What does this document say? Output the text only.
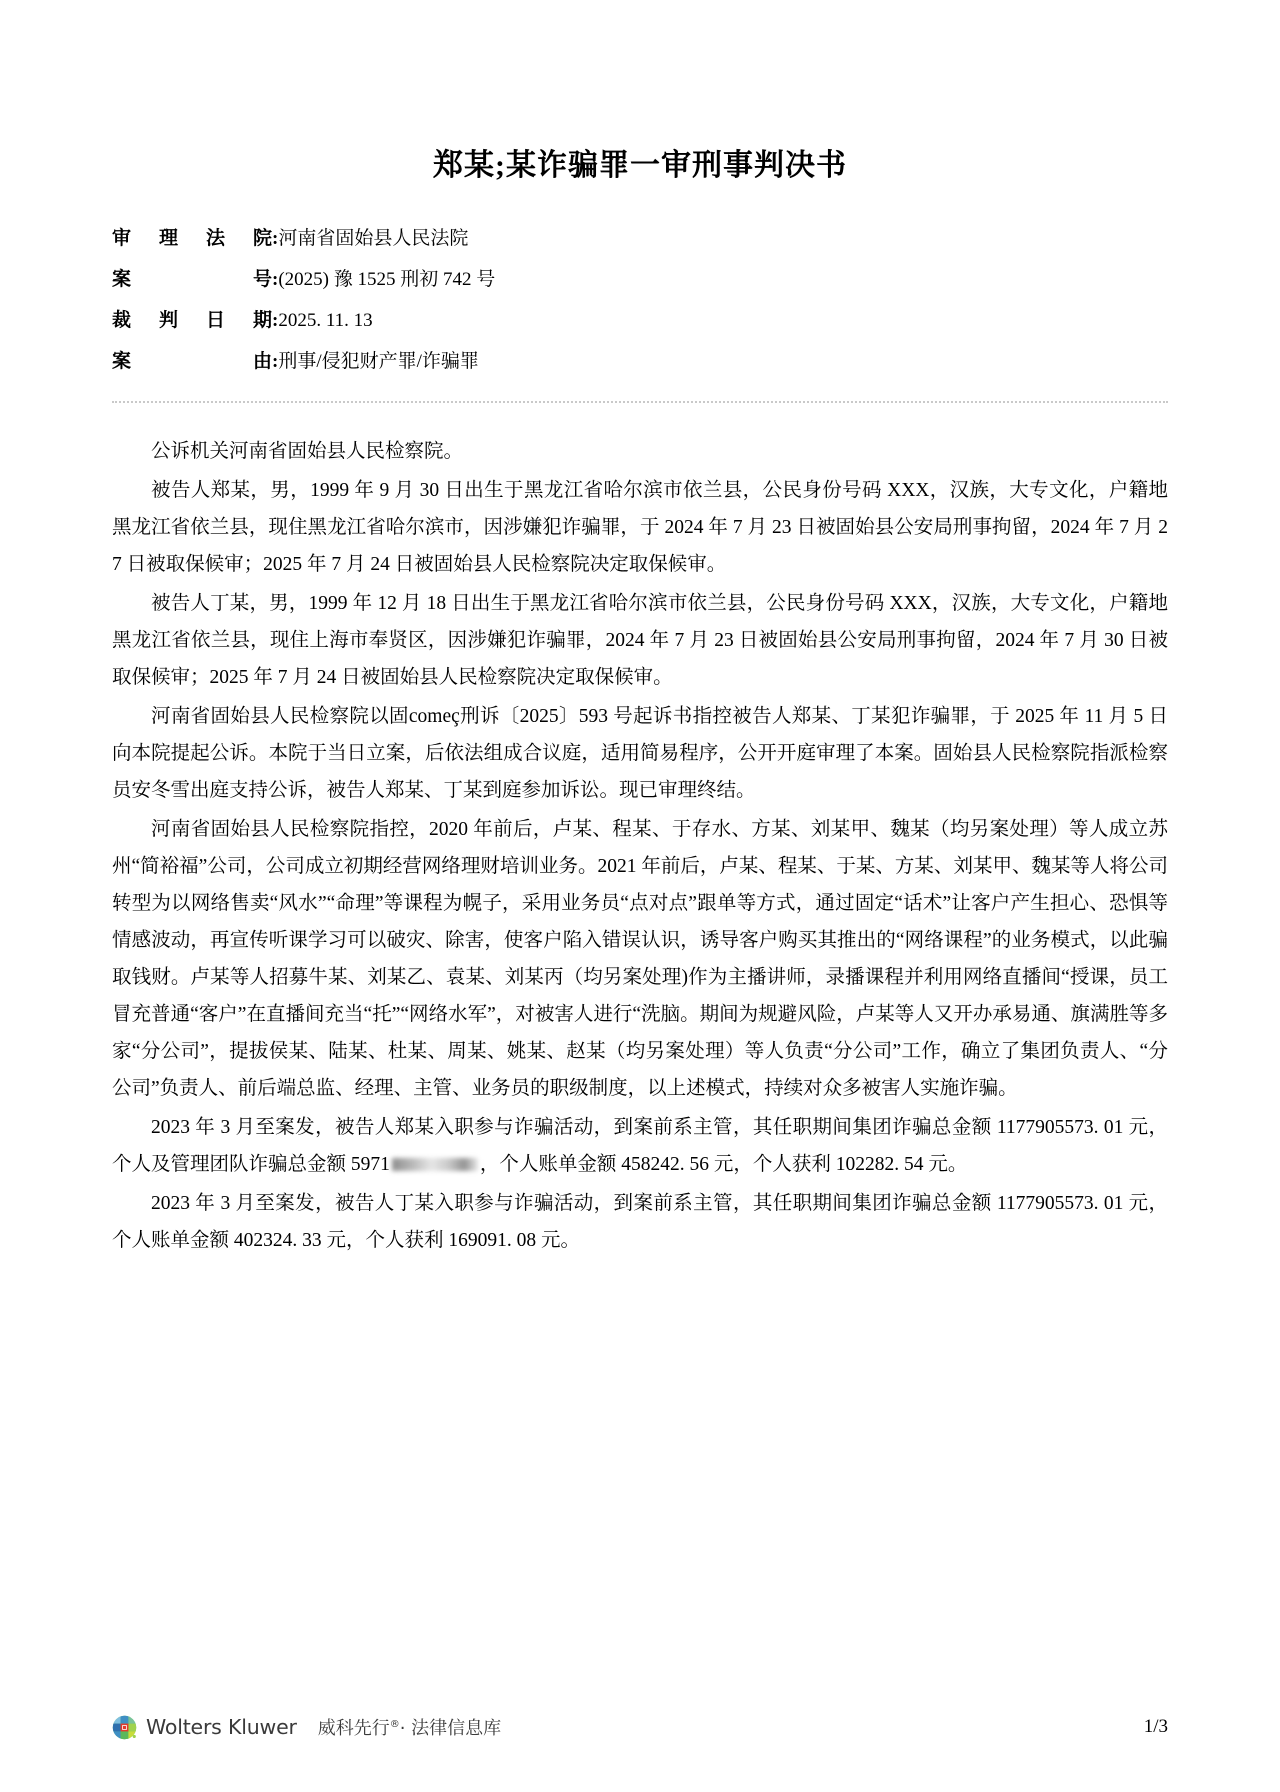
郑某;某诈骗罪一审刑事判决书
审 理 法 院 : 河南省固始县人民法院
案	号 : (2025) 豫 1525 刑初 742 号
裁 判 日 期 : 2025. 11. 13
案	由 : 刑事/侵犯财产罪/诈骗罪

公诉机关河南省固始县人民检察院。

被告人郑某，男，1999 年 9 月 30 日出生于黑龙江省哈尔滨市依兰县，公民身份号码 XXX，汉族，大专文化，户籍地黑龙江省依兰县，现住黑龙江省哈尔滨市，因涉嫌犯诈骗罪，于 2024 年 7 月 23 日被固始县公安局刑事拘留，2024 年 7 月 27 日被取保候审；2025 年 7 月 24 日被固始县人民检察院决定取保候审。

被告人丁某，男，1999 年 12 月 18 日出生于黑龙江省哈尔滨市依兰县，公民身份号码 XXX，汉族，大专文化，户籍地黑龙江省依兰县，现住上海市奉贤区，因涉嫌犯诈骗罪，2024 年 7 月 23 日被固始县公安局刑事拘留，2024 年 7 月 30 日被取保候审；2025 年 7 月 24 日被固始县人民检察院决定取保候审。

河南省固始县人民检察院以固começ刑诉〔2025〕593 号起诉书指控被告人郑某、丁某犯诈骗罪，于 2025 年 11 月 5 日向本院提起公诉。本院于当日立案，后依法组成合议庭，适用简易程序，公开开庭审理了本案。固始县人民检察院指派检察员安冬雪出庭支持公诉，被告人郑某、丁某到庭参加诉讼。现已审理终结。

河南省固始县人民检察院指控，2020 年前后，卢某、程某、于存水、方某、刘某甲、魏某（均另案处理）等人成立苏州“简裕福”公司，公司成立初期经营网络理财培训业务。2021 年前后，卢某、程某、于某、方某、刘某甲、魏某等人将公司转型为以网络售卖“风水”“命理”等课程为幌子，采用业务员“点对点”跟单等方式，通过固定“话术”让客户产生担心、恐惧等情感波动，再宣传听课学习可以破灾、除害，使客户陷入错误认识，诱导客户购买其推出的“网络课程”的业务模式，以此骗取钱财。卢某等人招募牛某、刘某乙、袁某、刘某丙（均另案处理)作为主播讲师，录播课程并利用网络直播间“授课，员工冒充普通“客户”在直播间充当“托”“网络水军”，对被害人进行“洗脑。期间为规避风险，卢某等人又开办承易通、旗满胜等多家“分公司”，提拔侯某、陆某、杜某、周某、姚某、赵某（均另案处理）等人负责“分公司”工作，确立了集团负责人、“分公司”负责人、前后端总监、经理、主管、业务员的职级制度，以上述模式，持续对众多被害人实施诈骗。

2023 年 3 月至案发，被告人郑某入职参与诈骗活动，到案前系主管，其任职期间集团诈骗总金额 1177905573. 01 元，个人及管理团队诈骗总金额 5971	，个人账单金额 458242. 56 元，个人获利 102282. 54 元。

2023 年 3 月至案发，被告人丁某入职参与诈骗活动，到案前系主管，其任职期间集团诈骗总金额 1177905573. 01 元，个人账单金额 402324. 33 元，个人获利 169091. 08 元。

Wolters Kluwer 威科先行®· 法律信息库	1/3
